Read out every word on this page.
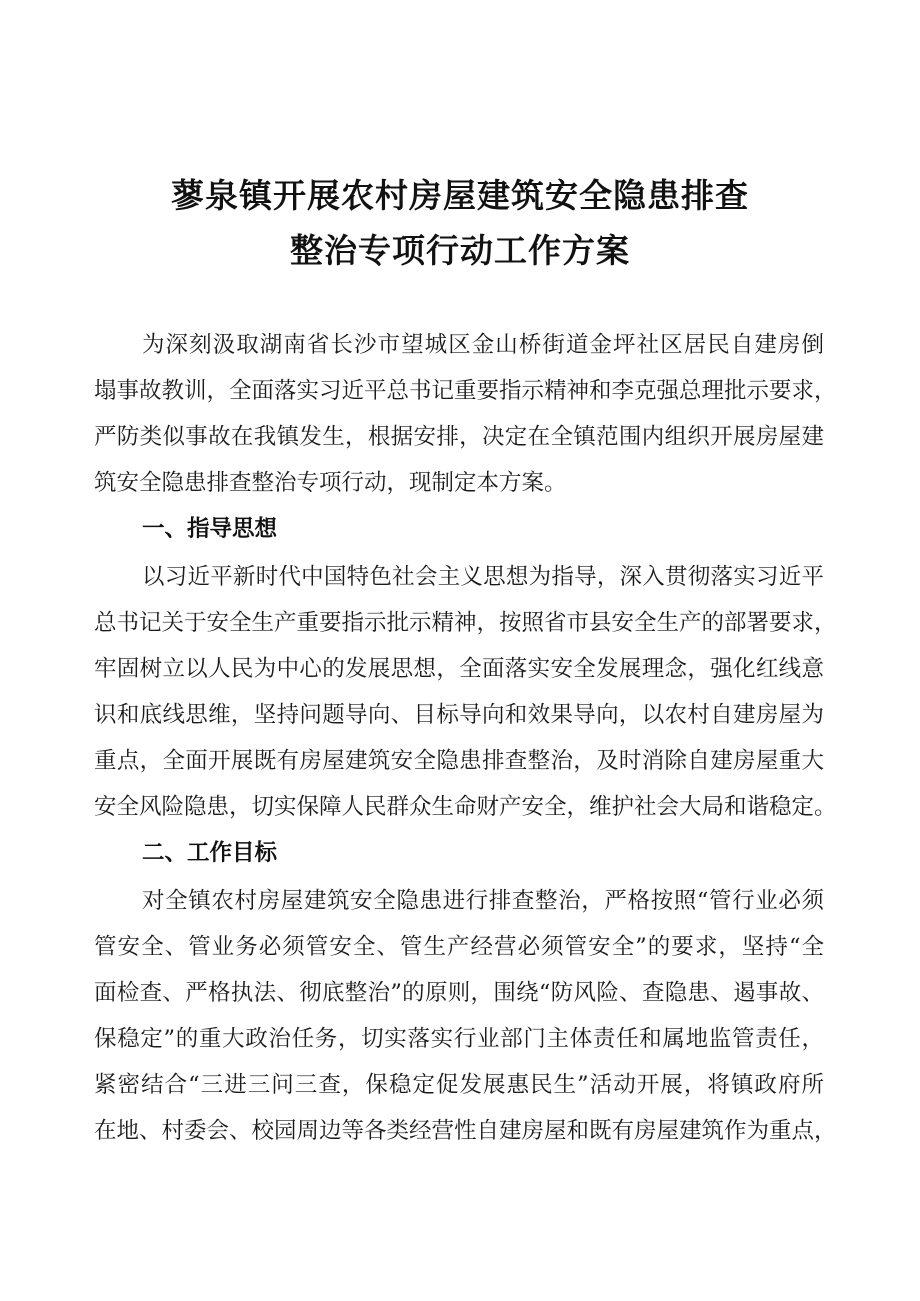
蓼泉镇开展农村房屋建筑安全隐患排查
整治专项行动工作方案

为深刻汲取湖南省长沙市望城区金山桥街道金坪社区居民自建房倒

塌事故教训，全面落实习近平总书记重要指示精神和李克强总理批示要求，

严防类似事故在我镇发生，根据安排，决定在全镇范围内组织开展房屋建

筑安全隐患排查整治专项行动，现制定本方案。

一、指导思想

以习近平新时代中国特色社会主义思想为指导，深入贯彻落实习近平

总书记关于安全生产重要指示批示精神，按照省市县安全生产的部署要求，

牢固树立以人民为中心的发展思想，全面落实安全发展理念，强化红线意

识和底线思维，坚持问题导向、目标导向和效果导向，以农村自建房屋为

重点，全面开展既有房屋建筑安全隐患排查整治，及时消除自建房屋重大

安全风险隐患，切实保障人民群众生命财产安全，维护社会大局和谐稳定。

二、工作目标

对全镇农村房屋建筑安全隐患进行排查整治，严格按照“管行业必须

管安全、管业务必须管安全、管生产经营必须管安全”的要求，坚持“全

面检查、严格执法、彻底整治”的原则，围绕“防风险、查隐患、遏事故、

保稳定”的重大政治任务，切实落实行业部门主体责任和属地监管责任，

紧密结合“三进三问三查，保稳定促发展惠民生”活动开展，将镇政府所

在地、村委会、校园周边等各类经营性自建房屋和既有房屋建筑作为重点，
